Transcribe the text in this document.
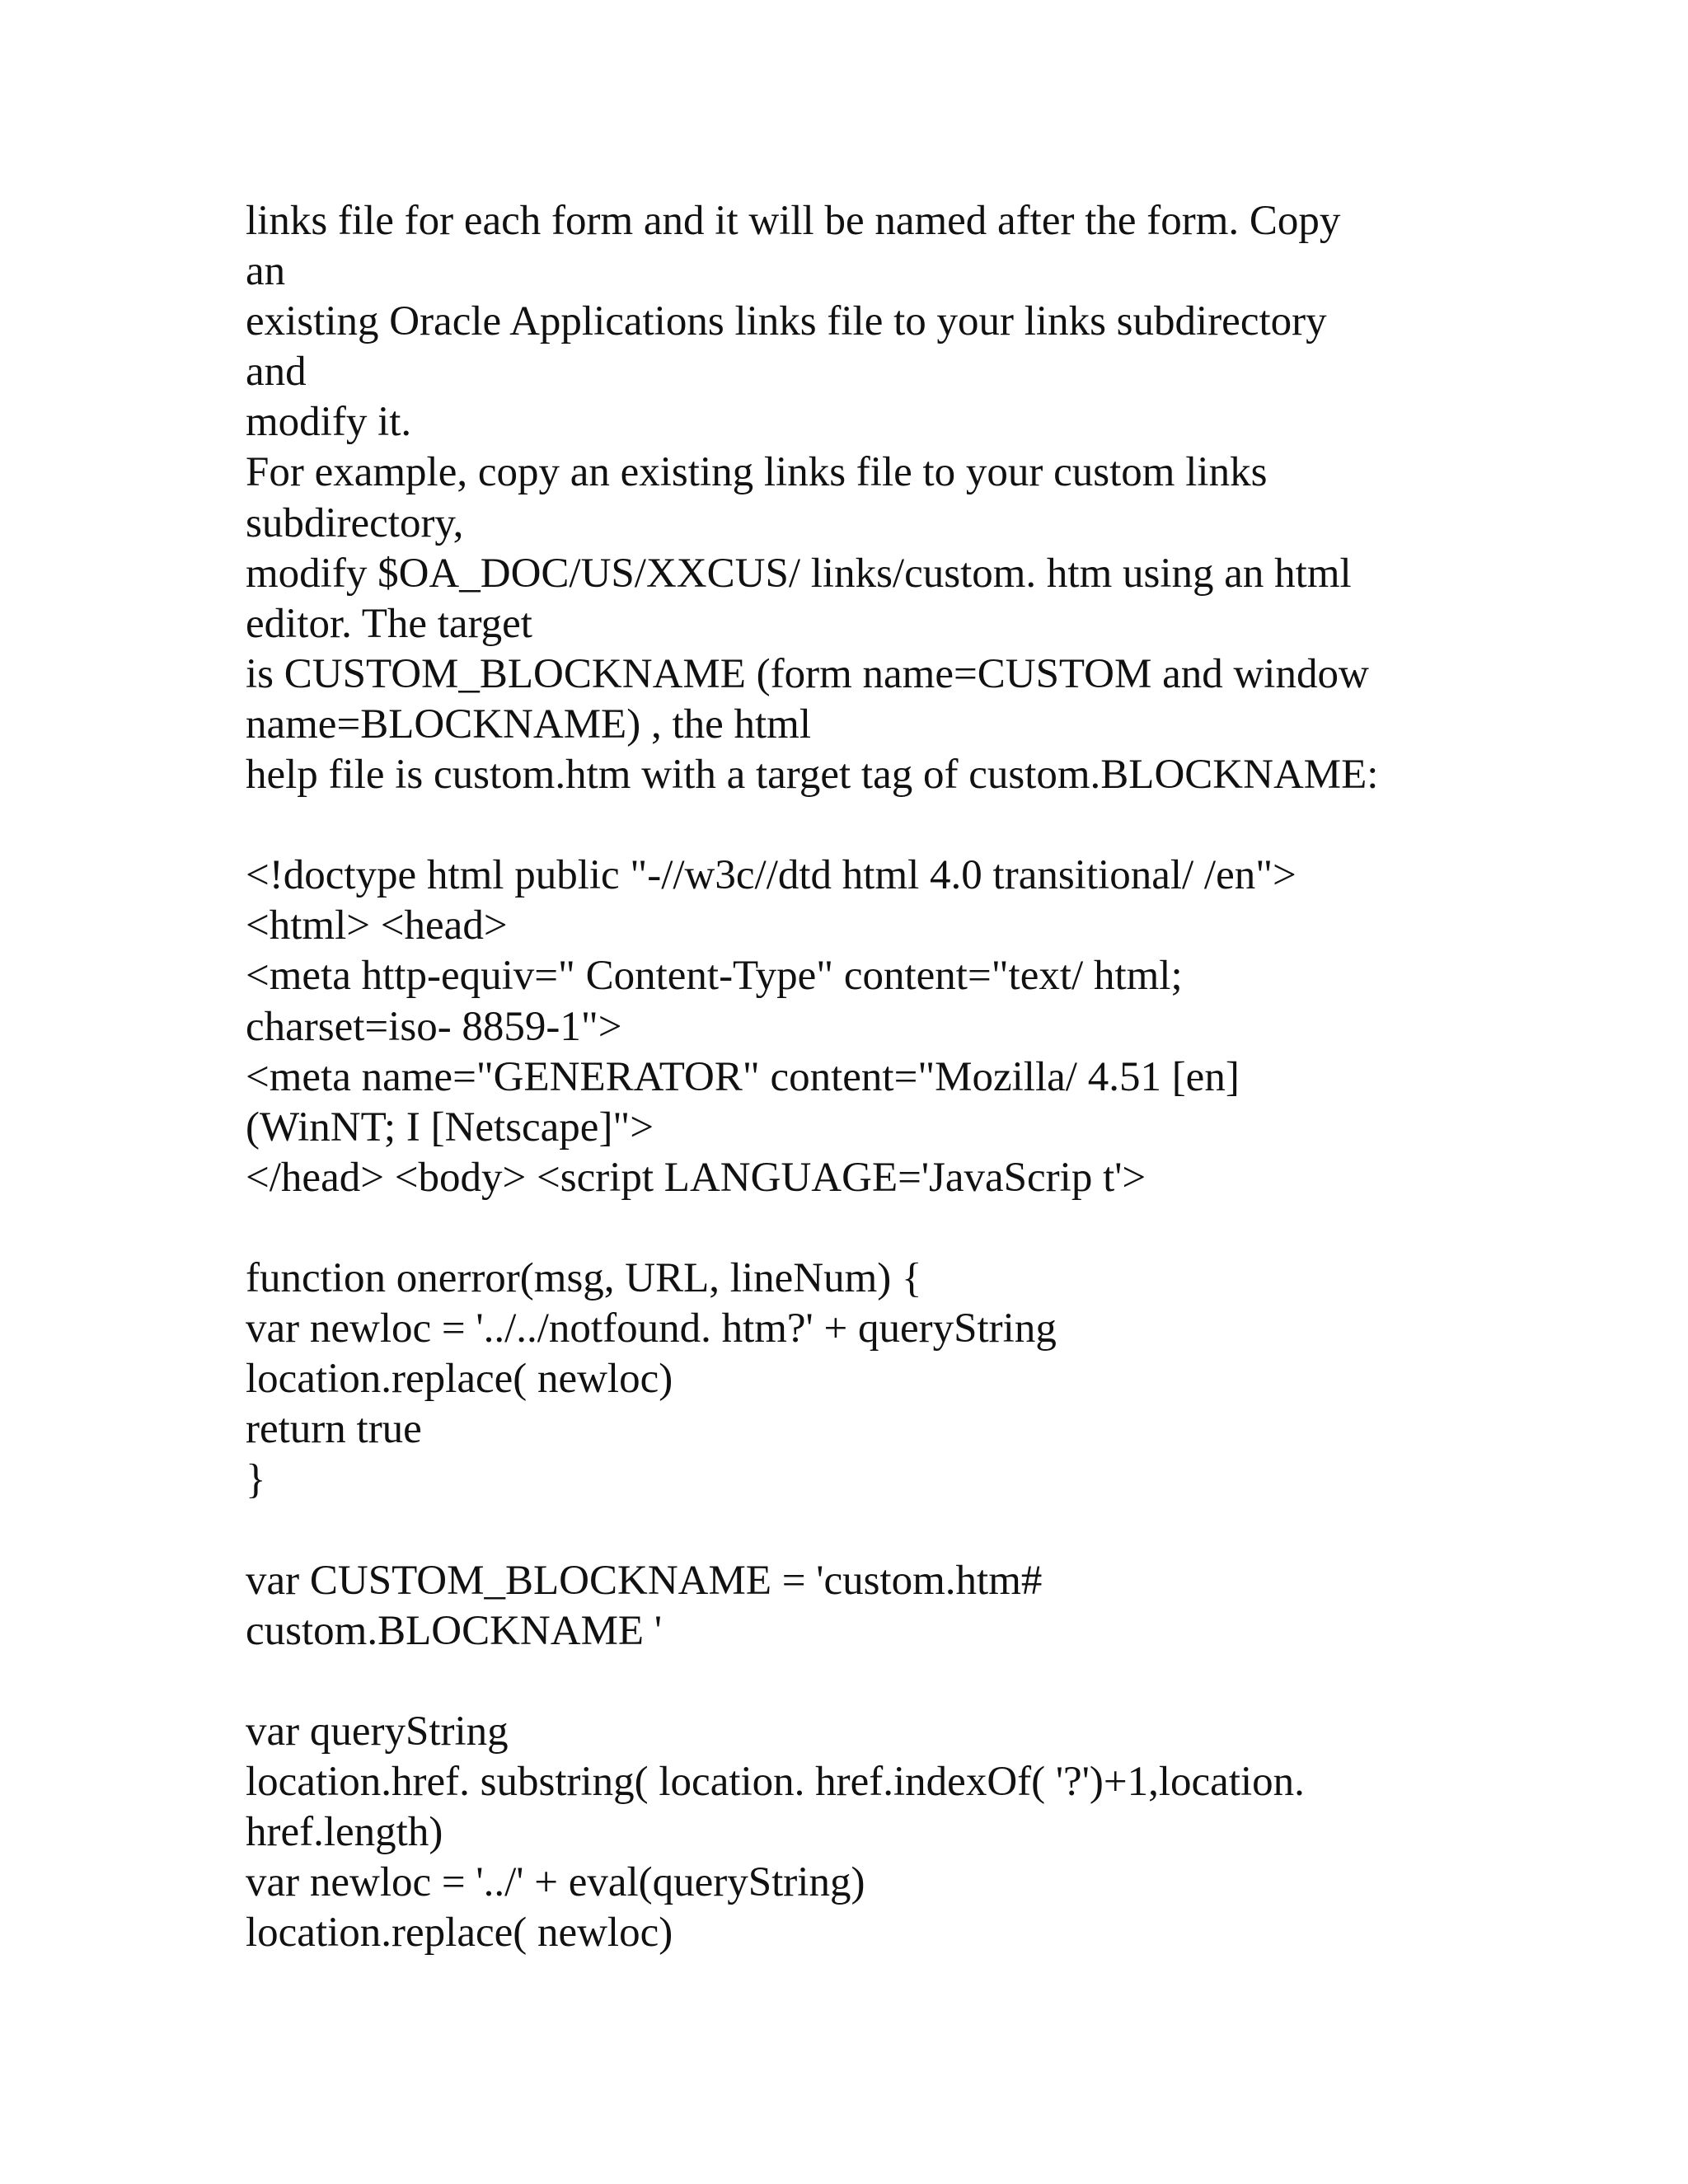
links file for each form and it will be named after the form. Copy
an
existing Oracle Applications links file to your links subdirectory
and
modify it.
For example, copy an existing links file to your custom links
subdirectory,
modify $OA_DOC/US/XXCUS/ links/custom. htm using an html
editor. The target
is CUSTOM_BLOCKNAME (form name=CUSTOM and window
name=BLOCKNAME) , the html
help file is custom.htm with a target tag of custom.BLOCKNAME:
<!doctype html public "-//w3c//dtd html 4.0 transitional/ /en">
<html> <head>
<meta http-equiv=" Content-Type" content="text/ html;
charset=iso- 8859-1">
<meta name="GENERATOR" content="Mozilla/ 4.51 [en]
(WinNT; I [Netscape]">
</head> <body> <script LANGUAGE='JavaScrip t'>
function onerror(msg, URL, lineNum) {
var newloc = '../../notfound. htm?' + queryString
location.replace( newloc)
return true
}
var CUSTOM_BLOCKNAME = 'custom.htm#
custom.BLOCKNAME '
var queryString
location.href. substring( location. href.indexOf( '?')+1,location.
href.length)
var newloc = '../' + eval(queryString)
location.replace( newloc)
